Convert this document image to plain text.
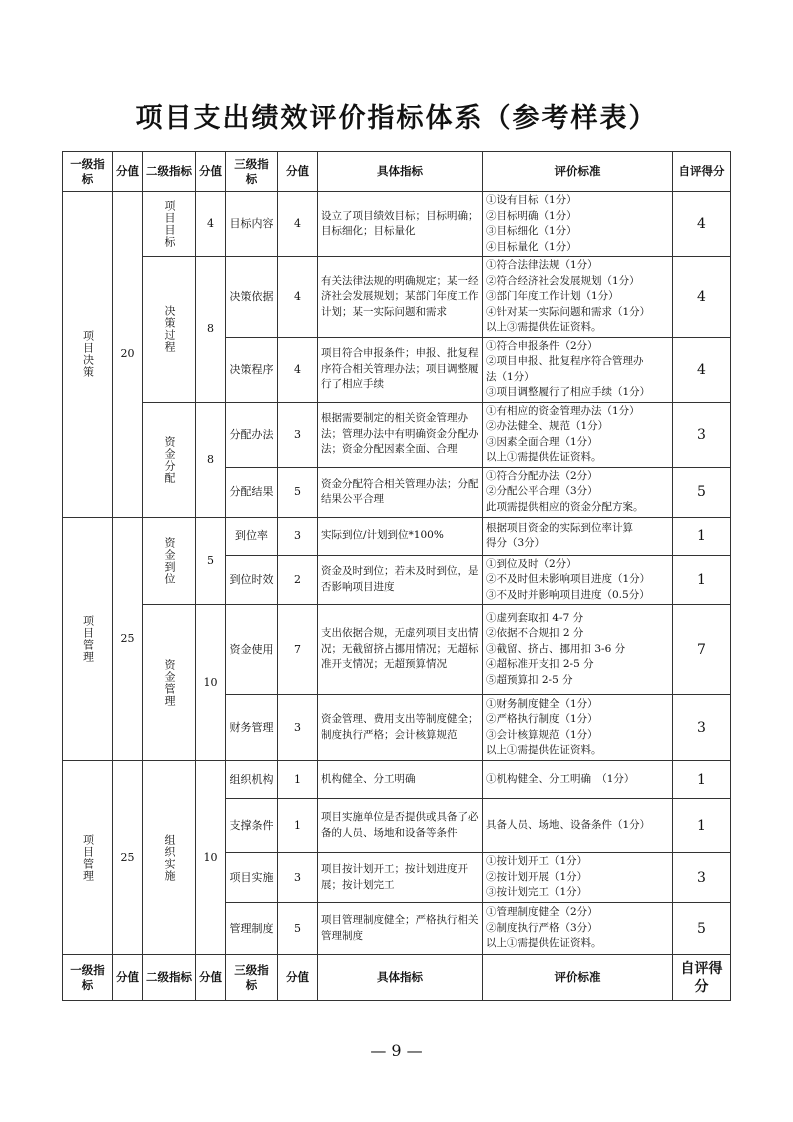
项目支出绩效评价指标体系（参考样表）
一级指标	分值	二级指标	分值	三级指标	分值	具体指标	评价标准	自评得分

项目决策	20	项目目标	4	目标内容	4	设立了项目绩效目标；目标明确；目标细化；目标量化	①设有目标（1分）
②目标明确（1分）
③目标细化（1分）
④目标量化（1分）	4

		决策过程	8	决策依据	4	有关法律法规的明确规定；某一经济社会发展规划；某部门年度工作计划；某一实际问题和需求	①符合法律法规（1分）
②符合经济社会发展规划（1分）
③部门年度工作计划（1分）
④针对某一实际问题和需求（1分）
以上③需提供佐证资料。	4
				决策程序	4	项目符合申报条件；申报、批复程序符合相关管理办法；项目调整履行了相应手续	①符合申报条件（2分）
②项目申报、批复程序符合管理办
法（1分）
③项目调整履行了相应手续（1分）	4

		资金分配	8	分配办法	3	根据需要制定的相关资金管理办法；管理办法中有明确资金分配办法；资金分配因素全面、合理	①有相应的资金管理办法（1分）
②办法健全、规范（1分）
③因素全面合理（1分）
以上①需提供佐证资料。	3
				分配结果	5	资金分配符合相关管理办法；分配结果公平合理	①符合分配办法（2分）
②分配公平合理（3分）
此项需提供相应的资金分配方案。	5

项目管理	25	资金到位	5	到位率	3	实际到位/计划到位*100%	根据项目资金的实际到位率计算
得分（3分）	1
				到位时效	2	资金及时到位；若未及时到位，是否影响项目进度	①到位及时（2分）
②不及时但未影响项目进度（1分）
③不及时并影响项目进度（0.5分）	1

		资金管理	10	资金使用	7	支出依据合规，无虚列项目支出情况；无截留挤占挪用情况；无超标准开支情况；无超预算情况	①虚列套取扣 4-7 分
②依据不合规扣 2 分
③截留、挤占、挪用扣 3-6 分
④超标准开支扣 2-5 分
⑤超预算扣 2-5 分	7
				财务管理	3	资金管理、费用支出等制度健全；制度执行严格；会计核算规范	①财务制度健全（1分）
②严格执行制度（1分）
③会计核算规范（1分）
以上①需提供佐证资料。	3

项目管理	25	组织实施	10	组织机构	1	机构健全、分工明确	①机构健全、分工明确　（1分）	1
				支撑条件	1	项目实施单位是否提供或具备了必备的人员、场地和设备等条件	具备人员、场地、设备条件（1分）	1
				项目实施	3	项目按计划开工；按计划进度开展；按计划完工	①按计划开工（1分）
②按计划开展（1分）
③按计划完工（1分）	3
				管理制度	5	项目管理制度健全；严格执行相关管理制度	①管理制度健全（2分）
②制度执行严格（3分）
以上①需提供佐证资料。	5
一级指标	分值	二级指标	分值	三级指标	分值	具体指标	评价标准	自评得分
— 9 —
